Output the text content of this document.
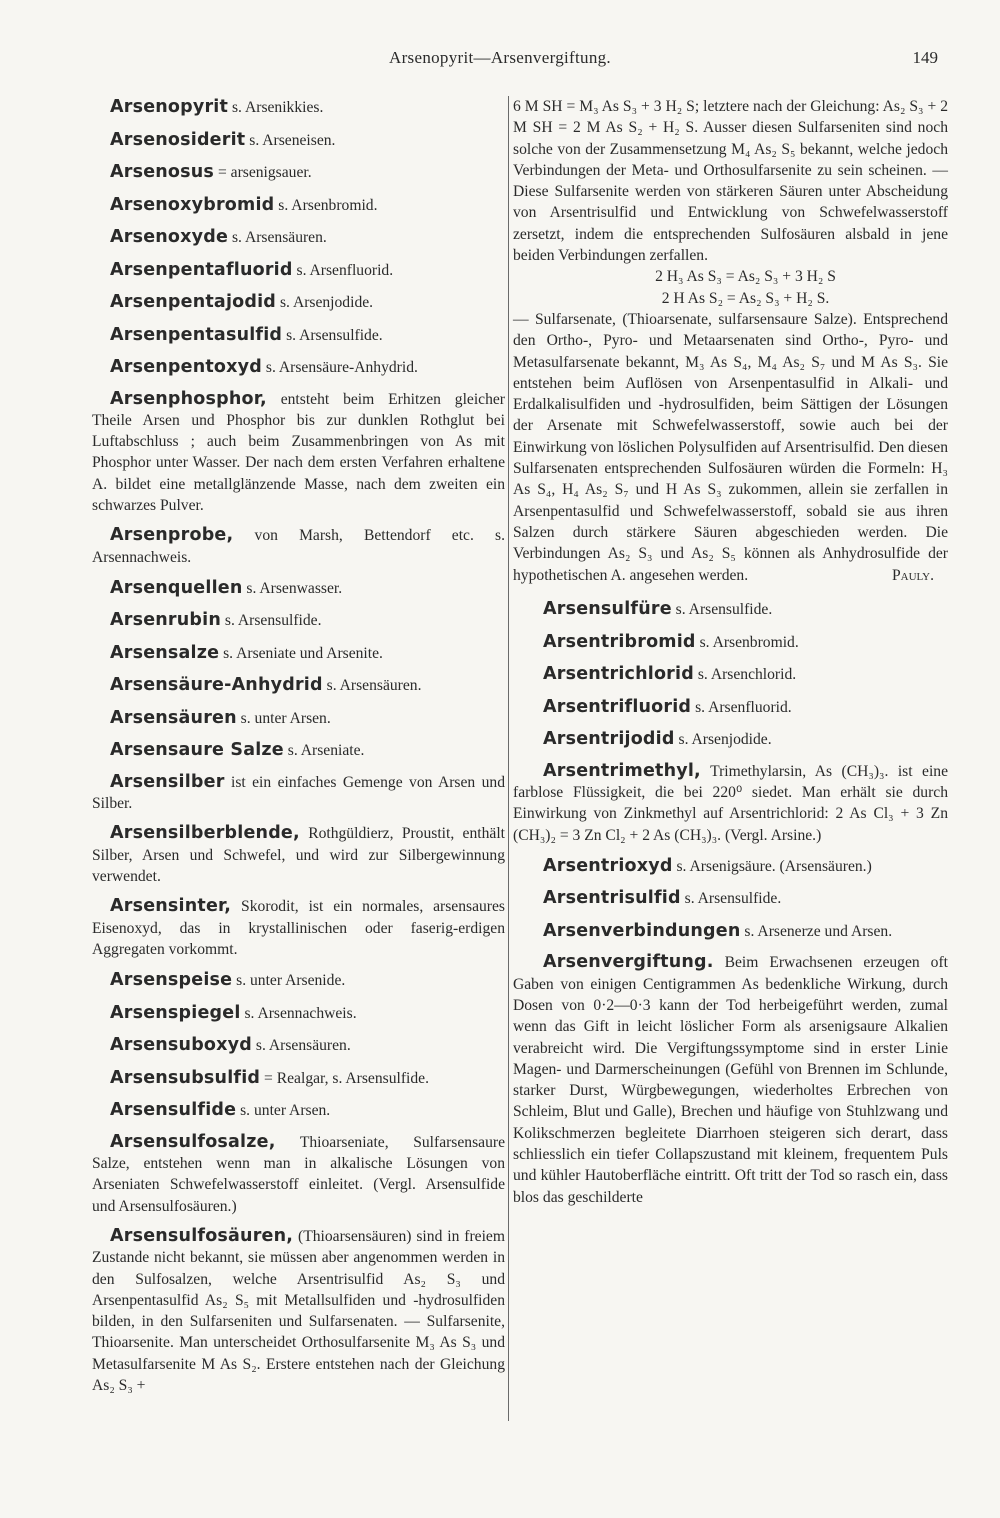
Arsenopyrit—Arsenvergiftung.	149

Arsenopyrit s. Arsenikkies.

Arsenosiderit s. Arseneisen.

Arsenosus = arsenigsauer.

Arsenoxybromid s. Arsenbromid.

Arsenoxyde s. Arsensäuren.

Arsenpentafluorid s. Arsenfluorid.

Arsenpentajodid s. Arsenjodide.

Arsenpentasulfid s. Arsensulfide.

Arsenpentoxyd s. Arsensäure-Anhydrid.

Arsenphosphor, entsteht beim Erhitzen gleicher Theile Arsen und Phosphor bis zur dunklen Rothglut bei Luftabschluss ; auch beim Zusammenbringen von As mit Phosphor unter Wasser. Der nach dem ersten Verfahren erhaltene A. bildet eine metallglänzende Masse, nach dem zweiten ein schwarzes Pulver.

Arsenprobe, von Marsh, Bettendorf etc. s. Arsennachweis.

Arsenquellen s. Arsenwasser.

Arsenrubin s. Arsensulfide.

Arsensalze s. Arseniate und Arsenite.

Arsensäure-Anhydrid s. Arsensäuren.

Arsensäuren s. unter Arsen.

Arsensaure Salze s. Arseniate.

Arsensilber ist ein einfaches Gemenge von Arsen und Silber.

Arsensilberblende, Rothgüldierz, Proustit, enthält Silber, Arsen und Schwefel, und wird zur Silbergewinnung verwendet.

Arsensinter, Skorodit, ist ein normales, arsensaures Eisenoxyd, das in krystallinischen oder faserig-erdigen Aggregaten vorkommt.

Arsenspeise s. unter Arsenide.

Arsenspiegel s. Arsennachweis.

Arsensuboxyd s. Arsensäuren.

Arsensubsulfid = Realgar, s. Arsensulfide.

Arsensulfide s. unter Arsen.

Arsensulfosalze, Thioarseniate, Sulfarsensaure Salze, entstehen wenn man in alkalische Lösungen von Arseniaten Schwefelwasserstoff einleitet. (Vergl. Arsensulfide und Arsensulfosäuren.)

Arsensulfosäuren, (Thioarsensäuren) sind in freiem Zustande nicht bekannt, sie müssen aber angenommen werden in den Sulfosalzen, welche Arsentrisulfid As₂ S₃ und Arsenpentasulfid As₂ S₅ mit Metallsulfiden und -hydrosulfiden bilden, in den Sulfarseniten und Sulfarsenaten. — Sulfarsenite, Thioarsenite. Man unterscheidet Orthosulfarsenite M₃ As S₃ und Metasulfarsenite M As S₂. Erstere entstehen nach der Gleichung As₂ S₃ +

6 M SH = M₃ As S₃ + 3 H₂ S; letztere nach der Gleichung: As₂ S₃ + 2 M SH = 2 M As S₂ + H₂ S. Ausser diesen Sulfarseniten sind noch solche von der Zusammensetzung M₄ As₂ S₅ bekannt, welche jedoch Verbindungen der Meta- und Orthosulfarsenite zu sein scheinen. — Diese Sulfarsenite werden von stärkeren Säuren unter Abscheidung von Arsentrisulfid und Entwicklung von Schwefelwasserstoff zersetzt, indem die entsprechenden Sulfosäuren alsbald in jene beiden Verbindungen zerfallen.

2 H₃ As S₃ = As₂ S₃ + 3 H₂ S

2 H As S₂ = As₂ S₃ + H₂ S.

— Sulfarsenate, (Thioarsenate, sulfarsensaure Salze). Entsprechend den Ortho-, Pyro- und Metaarsenaten sind Ortho-, Pyro- und Metasulfarsenate bekannt, M₃ As S₄, M₄ As₂ S₇ und M As S₃. Sie entstehen beim Auflösen von Arsenpentasulfid in Alkali- und Erdalkalisulfiden und -hydrosulfiden, beim Sättigen der Lösungen der Arsenate mit Schwefelwasserstoff, sowie auch bei der Einwirkung von löslichen Polysulfiden auf Arsentrisulfid. Den diesen Sulfarsenaten entsprechenden Sulfosäuren würden die Formeln: H₃ As S₄, H₄ As₂ S₇ und H As S₃ zukommen, allein sie zerfallen in Arsenpentasulfid und Schwefelwasserstoff, sobald sie aus ihren Salzen durch stärkere Säuren abgeschieden werden. Die Verbindungen As₂ S₃ und As₂ S₅ können als Anhydrosulfide der hypothetischen A. angesehen werden.	Pauly.

Arsensulfüre s. Arsensulfide.

Arsentribromid s. Arsenbromid.

Arsentrichlorid s. Arsenchlorid.

Arsentrifluorid s. Arsenfluorid.

Arsentrijodid s. Arsenjodide.

Arsentrimethyl, Trimethylarsin, As (CH₃)₃. ist eine farblose Flüssigkeit, die bei 220⁰ siedet. Man erhält sie durch Einwirkung von Zinkmethyl auf Arsentrichlorid: 2 As Cl₃ + 3 Zn (CH₃)₂ = 3 Zn Cl₂ + 2 As (CH₃)₃. (Vergl. Arsine.)

Arsentrioxyd s. Arsenigsäure. (Arsensäuren.)

Arsentrisulfid s. Arsensulfide.

Arsenverbindungen s. Arsenerze und Arsen.

Arsenvergiftung. Beim Erwachsenen erzeugen oft Gaben von einigen Centigrammen As bedenkliche Wirkung, durch Dosen von 0·2—0·3 kann der Tod herbeigeführt werden, zumal wenn das Gift in leicht löslicher Form als arsenigsaure Alkalien verabreicht wird. Die Vergiftungssymptome sind in erster Linie Magen- und Darmerscheinungen (Gefühl von Brennen im Schlunde, starker Durst, Würgbewegungen, wiederholtes Erbrechen von Schleim, Blut und Galle), Brechen und häufige von Stuhlzwang und Kolikschmerzen begleitete Diarrhoen steigeren sich derart, dass schliesslich ein tiefer Collapszustand mit kleinem, frequentem Puls und kühler Hautoberfläche eintritt. Oft tritt der Tod so rasch ein, dass blos das geschilderte
